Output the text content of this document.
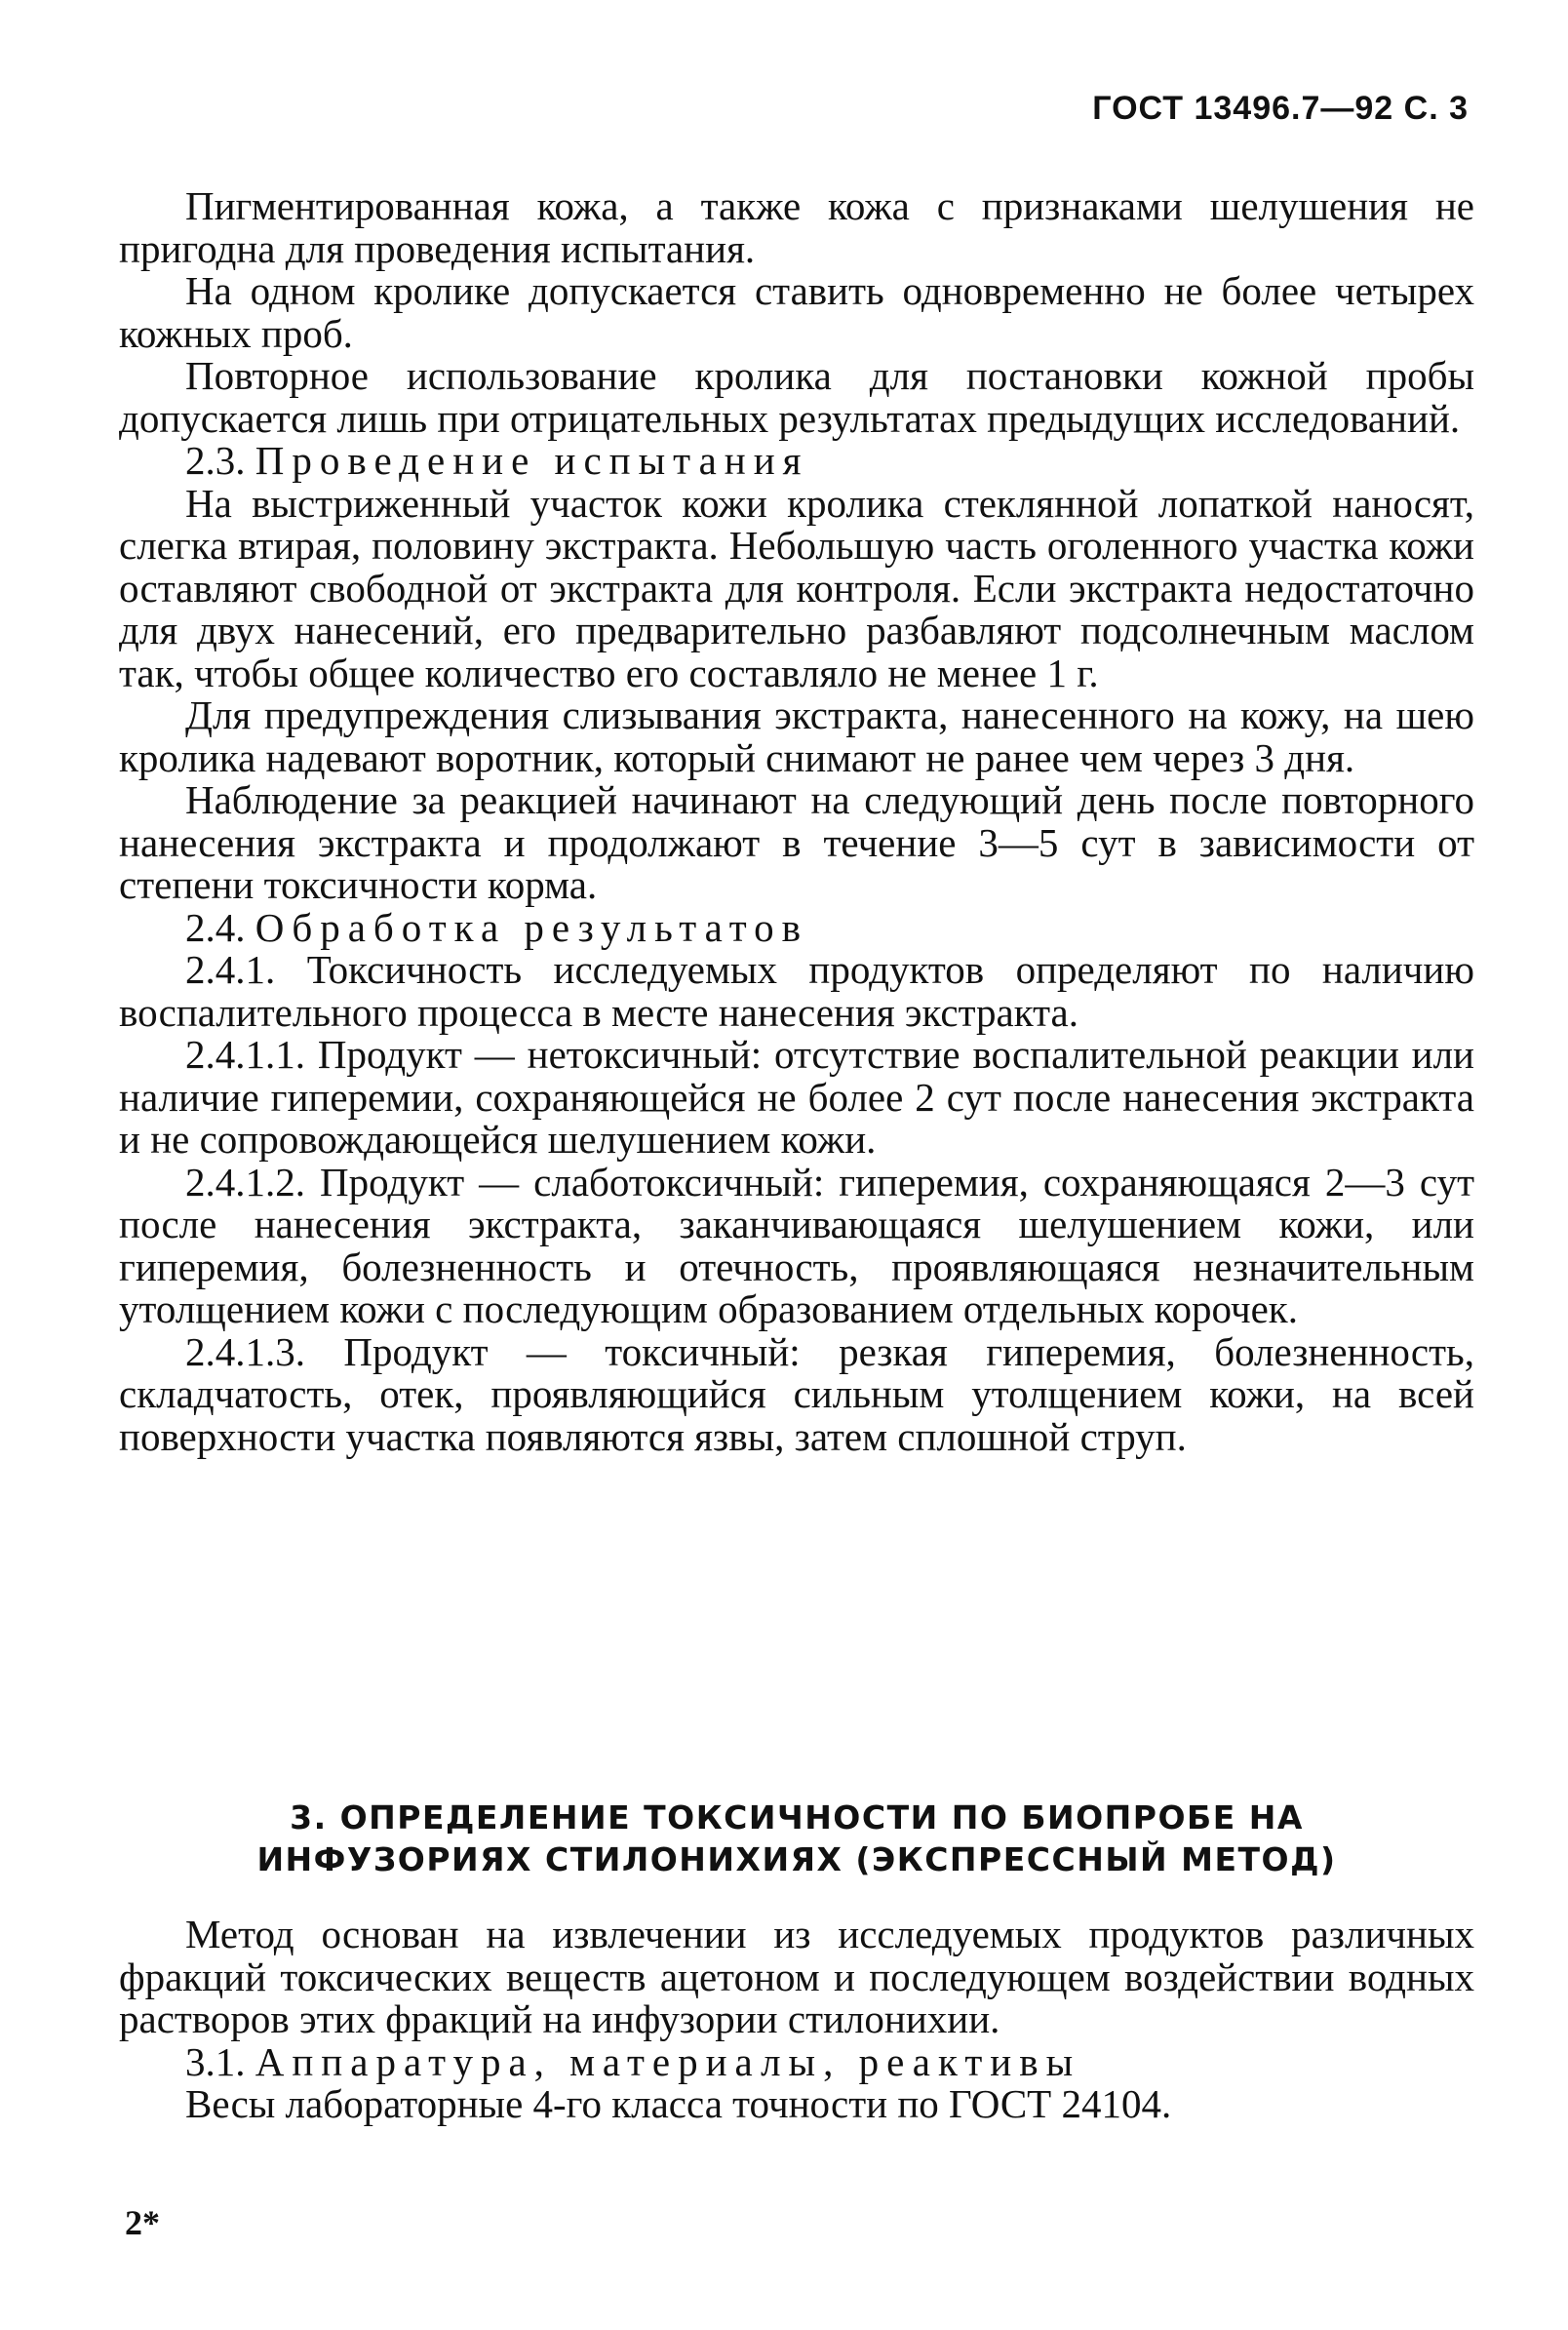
ГОСТ 13496.7—92 С. 3

Пигментированная кожа, а также кожа с признаками шелушения не пригодна для проведения испытания.

На одном кролике допускается ставить одновременно не более четырех кожных проб.

Повторное использование кролика для постановки кожной пробы допускается лишь при отрицательных результатах предыдущих исследований.

2.3. Проведение испытания

На выстриженный участок кожи кролика стеклянной лопаткой наносят, слегка втирая, половину экстракта. Небольшую часть оголенного участка кожи оставляют свободной от экстракта для контроля. Если экстракта недостаточно для двух нанесений, его предварительно разбавляют подсолнечным маслом так, чтобы общее количество его составляло не менее 1 г.

Для предупреждения слизывания экстракта, нанесенного на кожу, на шею кролика надевают воротник, который снимают не ранее чем через 3 дня.

Наблюдение за реакцией начинают на следующий день после повторного нанесения экстракта и продолжают в течение 3—5 сут в зависимости от степени токсичности корма.

2.4. Обработка результатов

2.4.1. Токсичность исследуемых продуктов определяют по наличию воспалительного процесса в месте нанесения экстракта.

2.4.1.1. Продукт — нетоксичный: отсутствие воспалительной реакции или наличие гиперемии, сохраняющейся не более 2 сут после нанесения экстракта и не сопровождающейся шелушением кожи.

2.4.1.2. Продукт — слаботоксичный: гиперемия, сохраняющаяся 2—3 сут после нанесения экстракта, заканчивающаяся шелушением кожи, или гиперемия, болезненность и отечность, проявляющаяся незначительным утолщением кожи с последующим образованием отдельных корочек.

2.4.1.3. Продукт — токсичный: резкая гиперемия, болезненность, складчатость, отек, проявляющийся сильным утолщением кожи, на всей поверхности участка появляются язвы, затем сплошной струп.

3. ОПРЕДЕЛЕНИЕ ТОКСИЧНОСТИ ПО БИОПРОБЕ НА
ИНФУЗОРИЯХ СТИЛОНИХИЯХ (ЭКСПРЕССНЫЙ МЕТОД)

Метод основан на извлечении из исследуемых продуктов различных фракций токсических веществ ацетоном и последующем воздействии водных растворов этих фракций на инфузории стилонихии.

3.1. Аппаратура, материалы, реактивы

Весы лабораторные 4-го класса точности по ГОСТ 24104.

2*
